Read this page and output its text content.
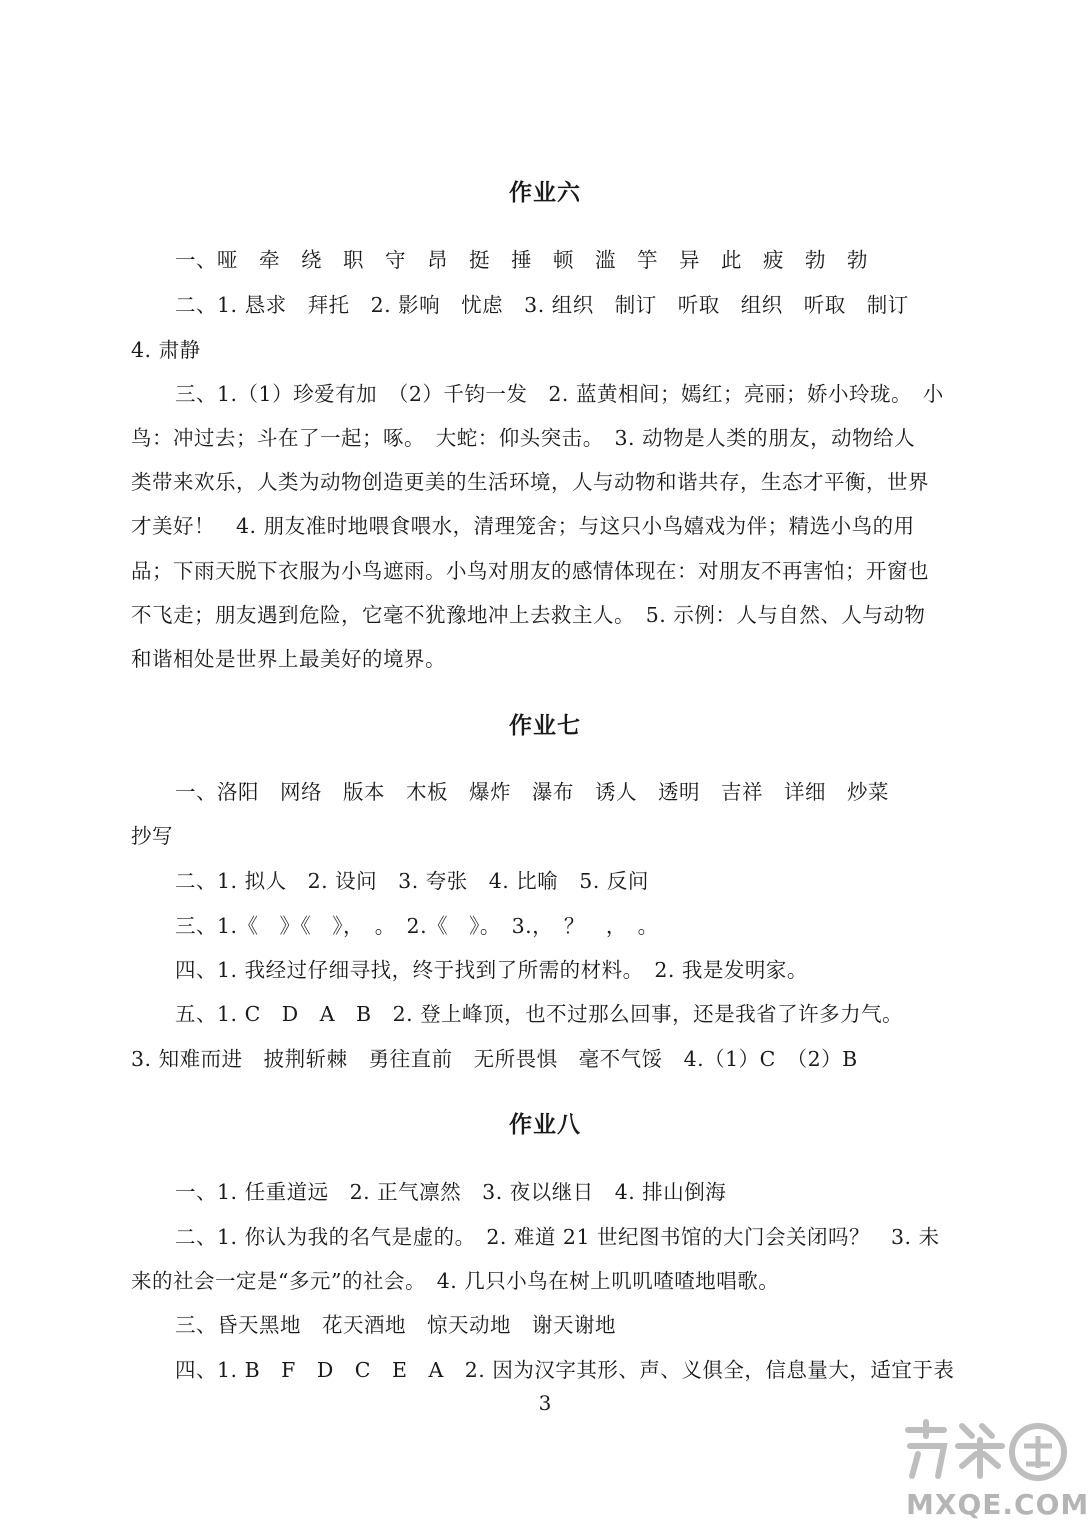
作业六
一、哑　牵　绕　职　守　昂　挺　捶　顿　滥　竽　异　此　疲　勃　勃
二、1. 恳求　拜托　2. 影响　忧虑　3. 组织　制订　听取　组织　听取　制订
4. 肃静
三、1.（1）珍爱有加　（2）千钧一发　2. 蓝黄相间；嫣红；亮丽；娇小玲珑。　小
鸟：冲过去；斗在了一起；啄。　大蛇：仰头突击。　3. 动物是人类的朋友，动物给人
类带来欢乐，人类为动物创造更美的生活环境，人与动物和谐共存，生态才平衡，世界
才美好！　4. 朋友准时地喂食喂水，清理笼舍；与这只小鸟嬉戏为伴；精选小鸟的用
品；下雨天脱下衣服为小鸟遮雨。小鸟对朋友的感情体现在：对朋友不再害怕；开窗也
不飞走；朋友遇到危险，它毫不犹豫地冲上去救主人。　5. 示例：人与自然、人与动物
和谐相处是世界上最美好的境界。
作业七
一、洛阳　网络　版本　木板　爆炸　瀑布　诱人　透明　吉祥　详细　炒菜
抄写
二、1. 拟人　2. 设问　3. 夸张　4. 比喻　5. 反问
三、1.《　》《　》，　。　2.《　》。　3.，　？　，　。
四、1. 我经过仔细寻找，终于找到了所需的材料。　2. 我是发明家。
五、1. C　D　A　B　2. 登上峰顶，也不过那么回事，还是我省了许多力气。
3. 知难而进　披荆斩棘　勇往直前　无所畏惧　毫不气馁　4.（1）C　（2）B
作业八
一、1. 任重道远　2. 正气凛然　3. 夜以继日　4. 排山倒海
二、1. 你认为我的名气是虚的。　2. 难道 21 世纪图书馆的大门会关闭吗？　3. 未
来的社会一定是“多元”的社会。　4. 几只小鸟在树上叽叽喳喳地唱歌。
三、昏天黑地　花天酒地　惊天动地　谢天谢地
四、1. B　F　D　C　E　A　2. 因为汉字其形、声、义俱全，信息量大，适宜于表
3
MXQE.COM
